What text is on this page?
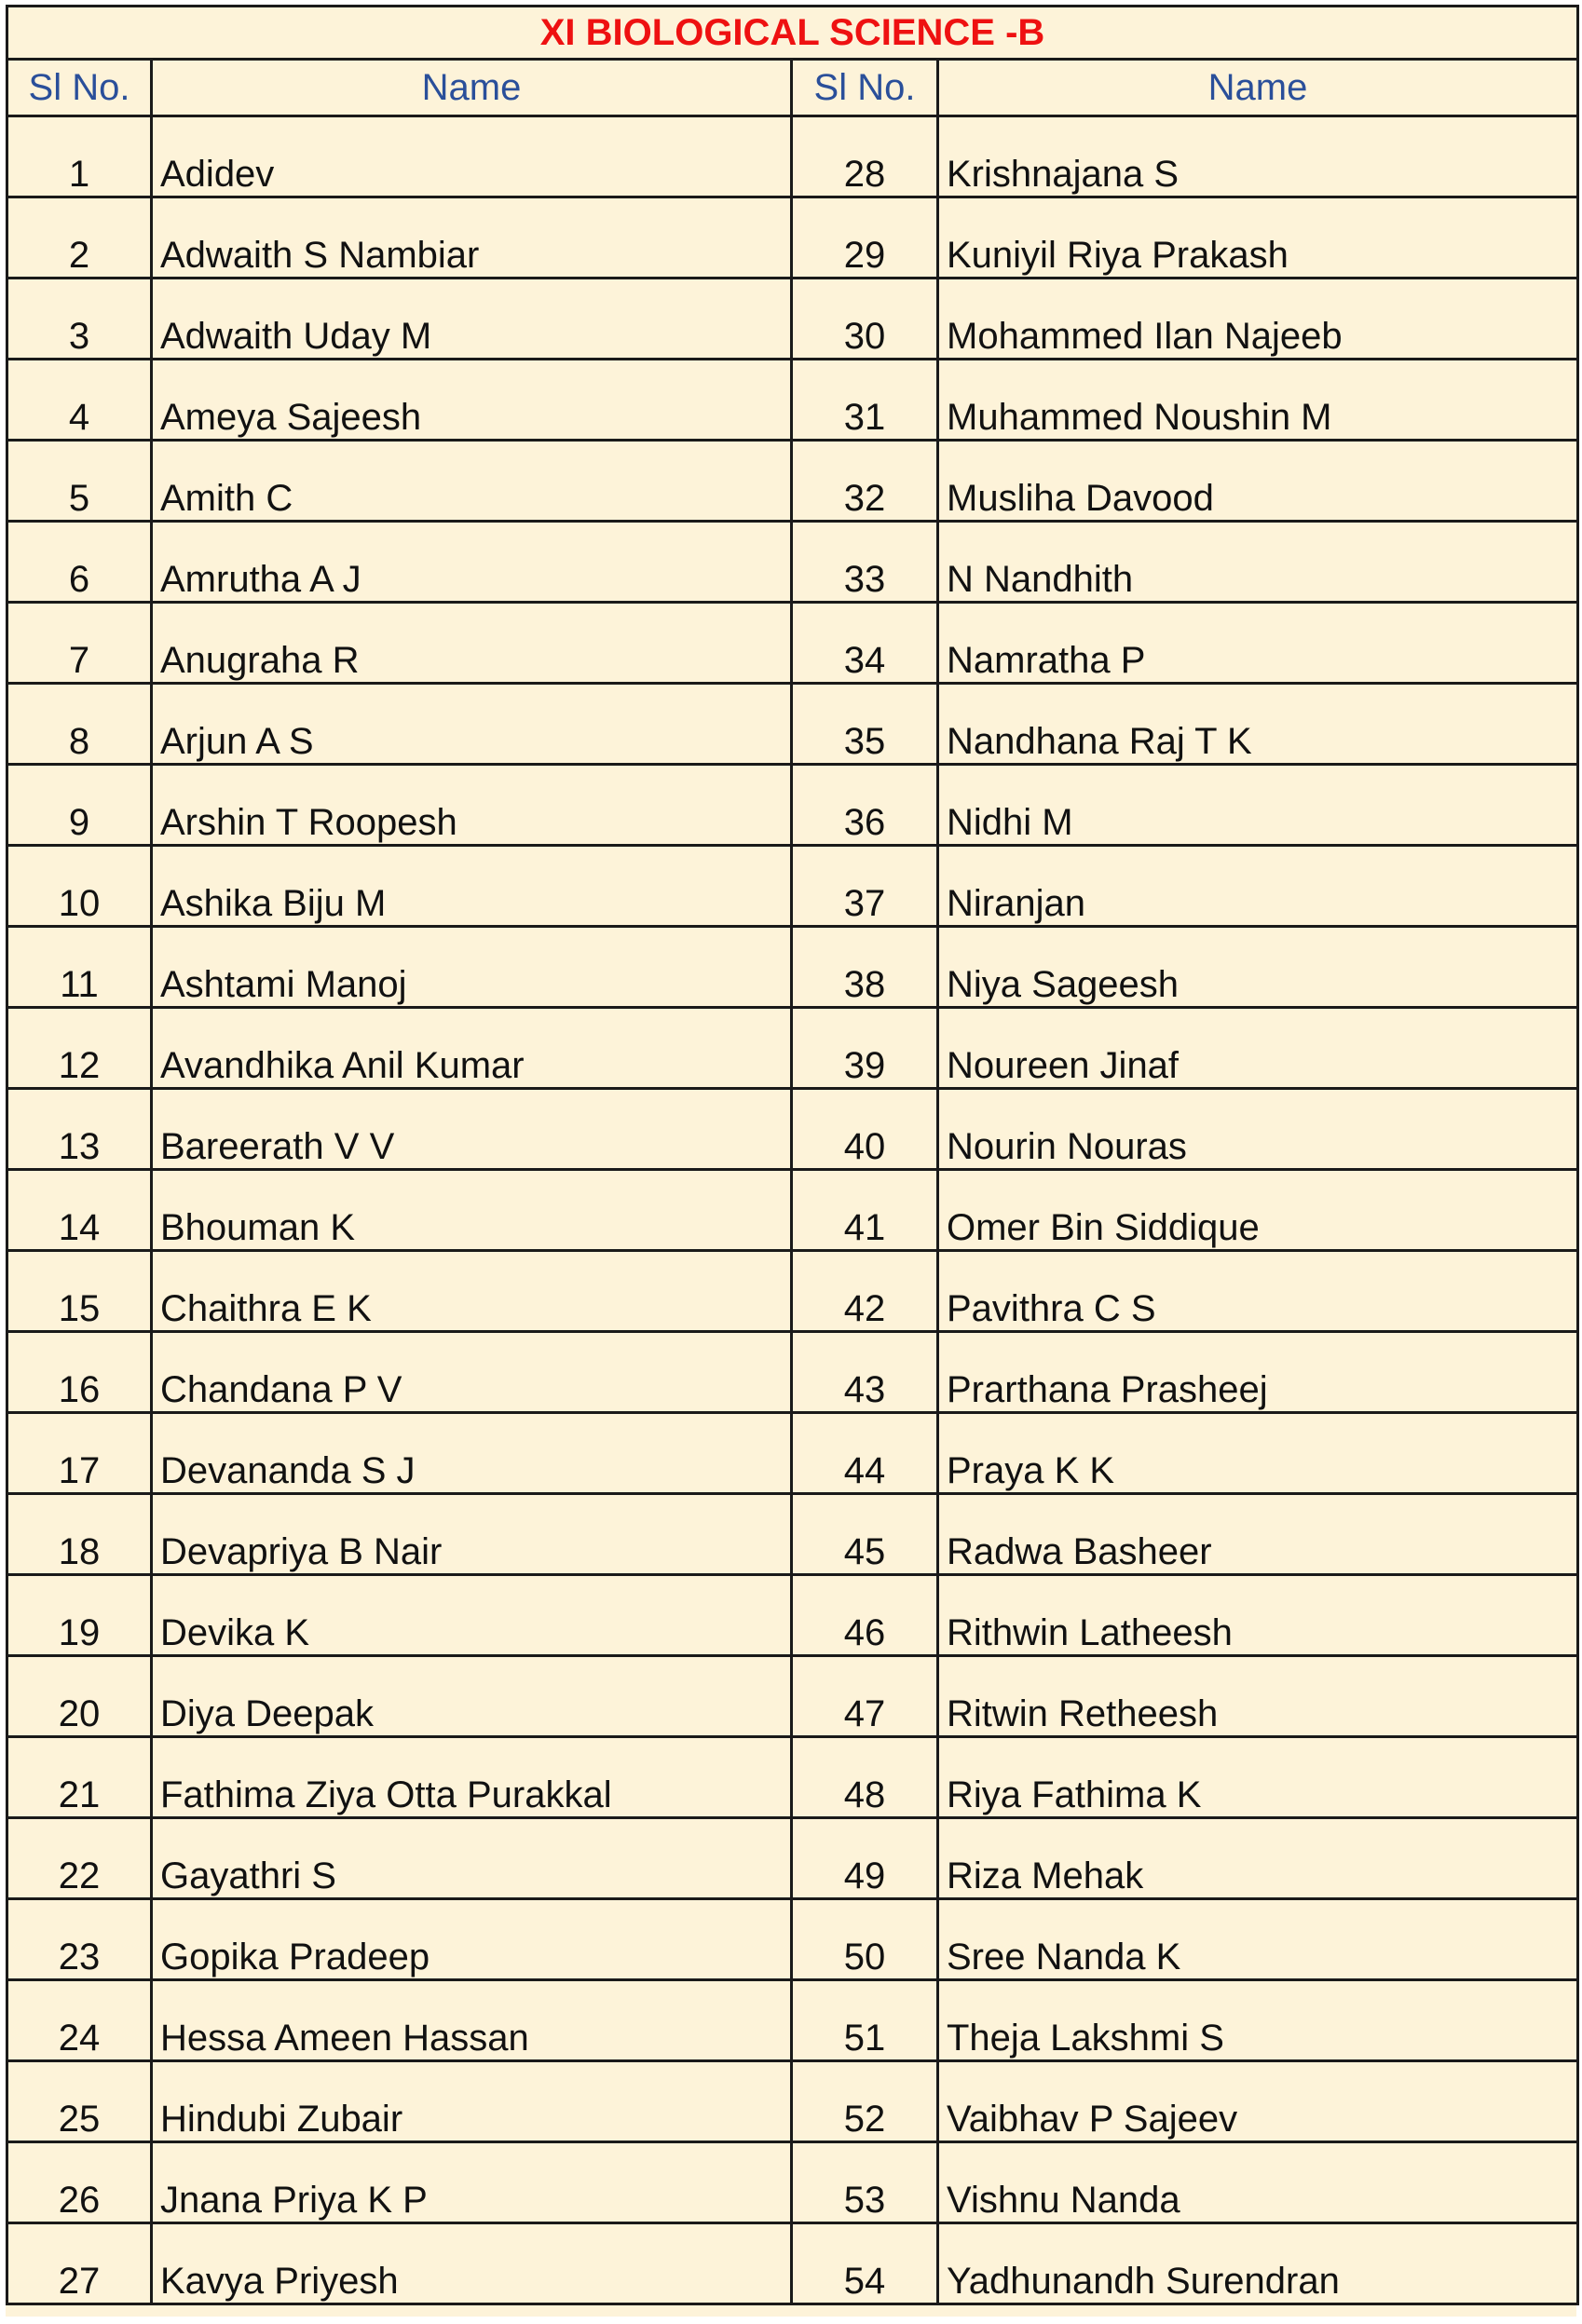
XI BIOLOGICAL SCIENCE -B			
Sl No.	Name	Sl No.	Name
1	Adidev	28	Krishnajana S
2	Adwaith S Nambiar	29	Kuniyil Riya Prakash
3	Adwaith Uday M	30	Mohammed Ilan Najeeb
4	Ameya Sajeesh	31	Muhammed Noushin M
5	Amith C	32	Musliha Davood
6	Amrutha A J	33	N Nandhith
7	Anugraha R	34	Namratha P
8	Arjun A S	35	Nandhana Raj T K
9	Arshin T Roopesh	36	Nidhi M
10	Ashika Biju M	37	Niranjan
11	Ashtami Manoj	38	Niya Sageesh
12	Avandhika Anil Kumar	39	Noureen Jinaf
13	Bareerath V V	40	Nourin Nouras
14	Bhouman K	41	Omer Bin Siddique
15	Chaithra E K	42	Pavithra C S
16	Chandana P V	43	Prarthana Prasheej
17	Devananda S J	44	Praya K K
18	Devapriya B Nair	45	Radwa Basheer
19	Devika K	46	Rithwin Latheesh
20	Diya Deepak	47	Ritwin Retheesh
21	Fathima Ziya Otta Purakkal	48	Riya Fathima K
22	Gayathri S	49	Riza Mehak
23	Gopika Pradeep	50	Sree Nanda K
24	Hessa Ameen Hassan	51	Theja Lakshmi S
25	Hindubi Zubair	52	Vaibhav P Sajeev
26	Jnana Priya K P	53	Vishnu Nanda
27	Kavya Priyesh	54	Yadhunandh Surendran
